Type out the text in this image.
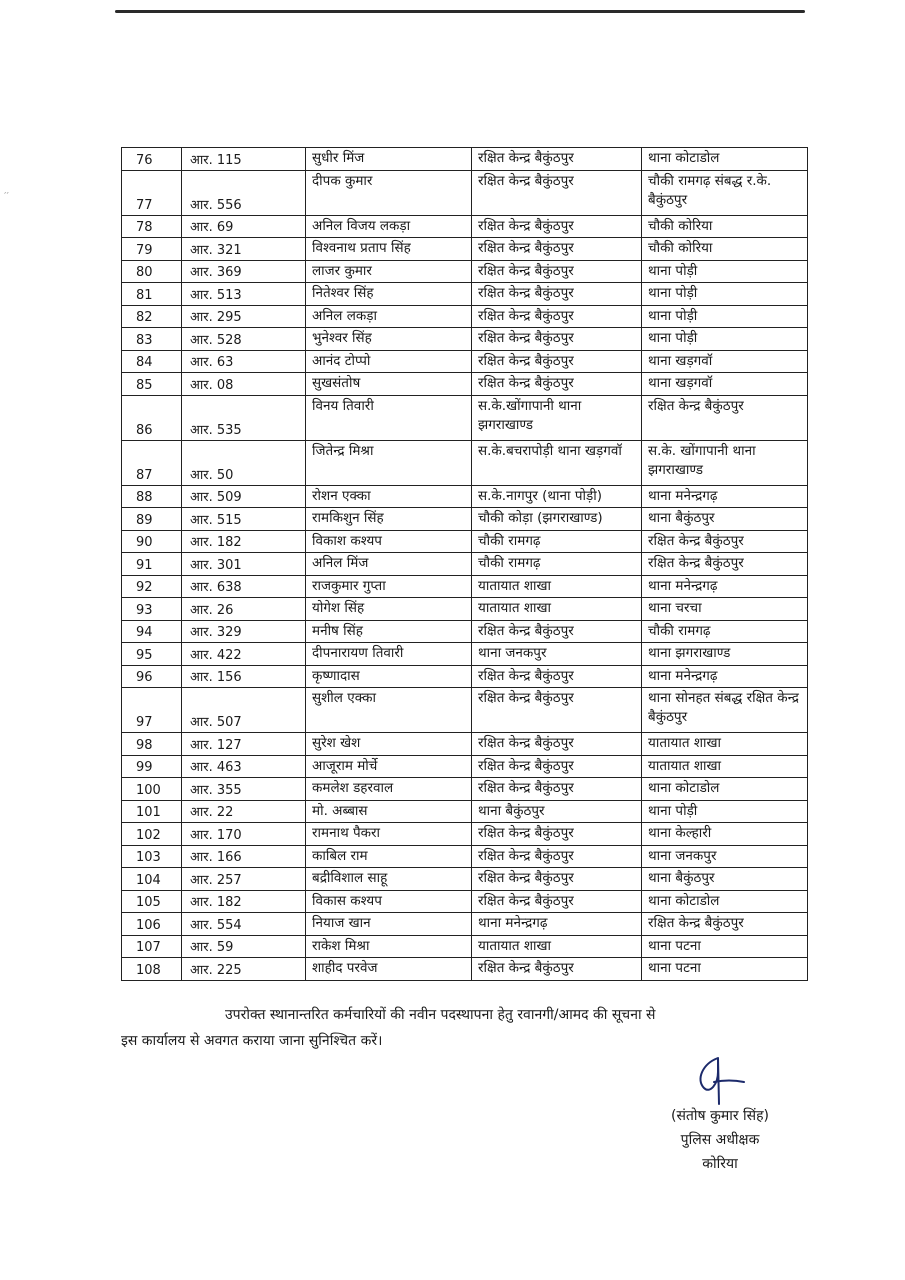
′′
76	आर. 115	सुधीर मिंज	रक्षित केन्द्र बैकुंठपुर	थाना कोटाडोल
77	आर. 556	दीपक कुमार	रक्षित केन्द्र बैकुंठपुर	चौकी रामगढ़ संबद्ध र.के. बैकुंठपुर
78	आर. 69	अनिल विजय लकड़ा	रक्षित केन्द्र बैकुंठपुर	चौकी कोरिया
79	आर. 321	विश्वनाथ प्रताप सिंह	रक्षित केन्द्र बैकुंठपुर	चौकी कोरिया
80	आर. 369	लाजर कुमार	रक्षित केन्द्र बैकुंठपुर	थाना पोड़ी
81	आर. 513	नितेश्वर सिंह	रक्षित केन्द्र बैकुंठपुर	थाना पोड़ी
82	आर. 295	अनिल लकड़ा	रक्षित केन्द्र बैकुंठपुर	थाना पोड़ी
83	आर. 528	भुनेश्वर सिंह	रक्षित केन्द्र बैकुंठपुर	थाना पोड़ी
84	आर. 63	आनंद टोप्पो	रक्षित केन्द्र बैकुंठपुर	थाना खड़गवॉ
85	आर. 08	सुखसंतोष	रक्षित केन्द्र बैकुंठपुर	थाना खड़गवॉ
86	आर. 535	विनय तिवारी	स.के.खोंगापानी थाना झगराखाण्ड	रक्षित केन्द्र बैकुंठपुर
87	आर. 50	जितेन्द्र मिश्रा	स.के.बचरापोड़ी थाना खड़गवॉ	स.के. खोंगापानी थाना झगराखाण्ड
88	आर. 509	रोशन एक्का	स.के.नागपुर (थाना पोड़ी)	थाना मनेन्द्रगढ़
89	आर. 515	रामकिशुन सिंह	चौकी कोड़ा (झगराखाण्ड)	थाना बैकुंठपुर
90	आर. 182	विकाश कश्यप	चौकी रामगढ़	रक्षित केन्द्र बैकुंठपुर
91	आर. 301	अनिल मिंज	चौकी रामगढ़	रक्षित केन्द्र बैकुंठपुर
92	आर. 638	राजकुमार गुप्ता	यातायात शाखा	थाना मनेन्द्रगढ़
93	आर. 26	योगेश सिंह	यातायात शाखा	थाना चरचा
94	आर. 329	मनीष सिंह	रक्षित केन्द्र बैकुंठपुर	चौकी रामगढ़
95	आर. 422	दीपनारायण तिवारी	थाना जनकपुर	थाना झगराखाण्ड
96	आर. 156	कृष्णादास	रक्षित केन्द्र बैकुंठपुर	थाना मनेन्द्रगढ़
97	आर. 507	सुशील एक्का	रक्षित केन्द्र बैकुंठपुर	थाना सोनहत संबद्ध रक्षित केन्द्र बैकुंठपुर
98	आर. 127	सुरेश खेश	रक्षित केन्द्र बैकुंठपुर	यातायात शाखा
99	आर. 463	आजूराम मोर्चे	रक्षित केन्द्र बैकुंठपुर	यातायात शाखा
100	आर. 355	कमलेश डहरवाल	रक्षित केन्द्र बैकुंठपुर	थाना कोटाडोल
101	आर. 22	मो. अब्बास	थाना बैकुंठपुर	थाना पोड़ी
102	आर. 170	रामनाथ पैकरा	रक्षित केन्द्र बैकुंठपुर	थाना केल्हारी
103	आर. 166	काबिल राम	रक्षित केन्द्र बैकुंठपुर	थाना जनकपुर
104	आर. 257	बद्रीविशाल साहू	रक्षित केन्द्र बैकुंठपुर	थाना बैकुंठपुर
105	आर. 182	विकास कश्यप	रक्षित केन्द्र बैकुंठपुर	थाना कोटाडोल
106	आर. 554	नियाज खान	थाना मनेन्द्रगढ़	रक्षित केन्द्र बैकुंठपुर
107	आर. 59	राकेश मिश्रा	यातायात शाखा	थाना पटना
108	आर. 225	शाहीद परवेज	रक्षित केन्द्र बैकुंठपुर	थाना पटना
उपरोक्त स्थानान्तरित कर्मचारियों की नवीन पदस्थापना हेतु रवानगी/आमद की सूचना से
इस कार्यालय से अवगत कराया जाना सुनिश्चित करें।
(संतोष कुमार सिंह)
पुलिस अधीक्षक
कोरिया
